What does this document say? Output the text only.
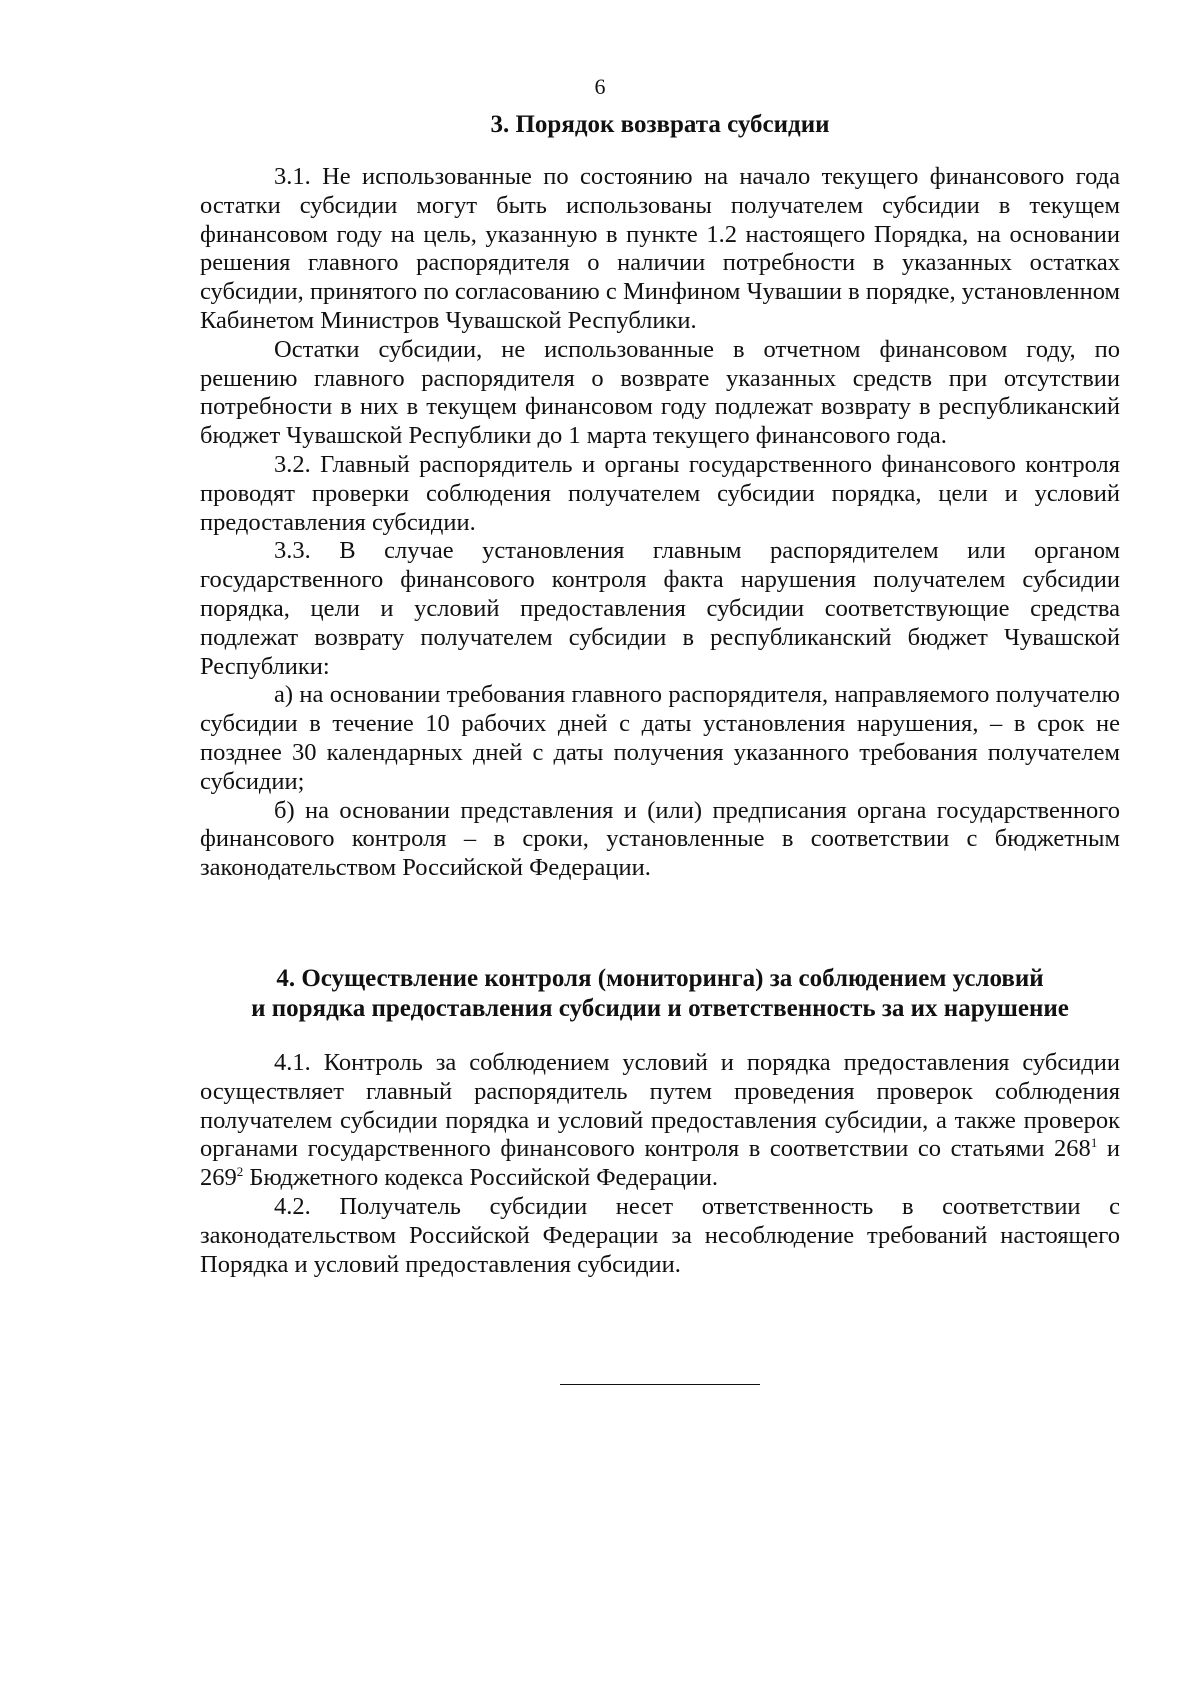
6
3. Порядок возврата субсидии

3.1. Не использованные по состоянию на начало текущего финансового года остатки субсидии могут быть использованы получателем субсидии в текущем финансовом году на цель, указанную в пункте 1.2 настоящего Порядка, на основании решения главного распорядителя о наличии потребности в указанных остатках субсидии, принятого по согласованию с Минфином Чувашии в порядке, установленном Кабинетом Министров Чувашской Республики.

Остатки субсидии, не использованные в отчетном финансовом году, по решению главного распорядителя о возврате указанных средств при отсутствии потребности в них в текущем финансовом году подлежат возврату в республиканский бюджет Чувашской Республики до 1 марта текущего финансового года.

3.2. Главный распорядитель и органы государственного финансового контроля проводят проверки соблюдения получателем субсидии порядка, цели и условий предоставления субсидии.

3.3. В случае установления главным распорядителем или органом государственного финансового контроля факта нарушения получателем субсидии порядка, цели и условий предоставления субсидии соответствующие средства подлежат возврату получателем субсидии в республиканский бюджет Чувашской Республики:

а) на основании требования главного распорядителя, направляемого получателю субсидии в течение 10 рабочих дней с даты установления нарушения, – в срок не позднее 30 календарных дней с даты получения указанного требования получателем субсидии;

б) на основании представления и (или) предписания органа государственного финансового контроля – в сроки, установленные в соответствии с бюджетным законодательством Российской Федерации.

4. Осуществление контроля (мониторинга) за соблюдением условий
и порядка предоставления субсидии и ответственность за их нарушение

4.1. Контроль за соблюдением условий и порядка предоставления субсидии осуществляет главный распорядитель путем проведения проверок соблюдения получателем субсидии порядка и условий предоставления субсидии, а также проверок органами государственного финансового контроля в соответствии со статьями $268^1$ и $269^2$ Бюджетного кодекса Российской Федерации.

4.2. Получатель субсидии несет ответственность в соответствии с законодательством Российской Федерации за несоблюдение требований настоящего Порядка и условий предоставления субсидии.
